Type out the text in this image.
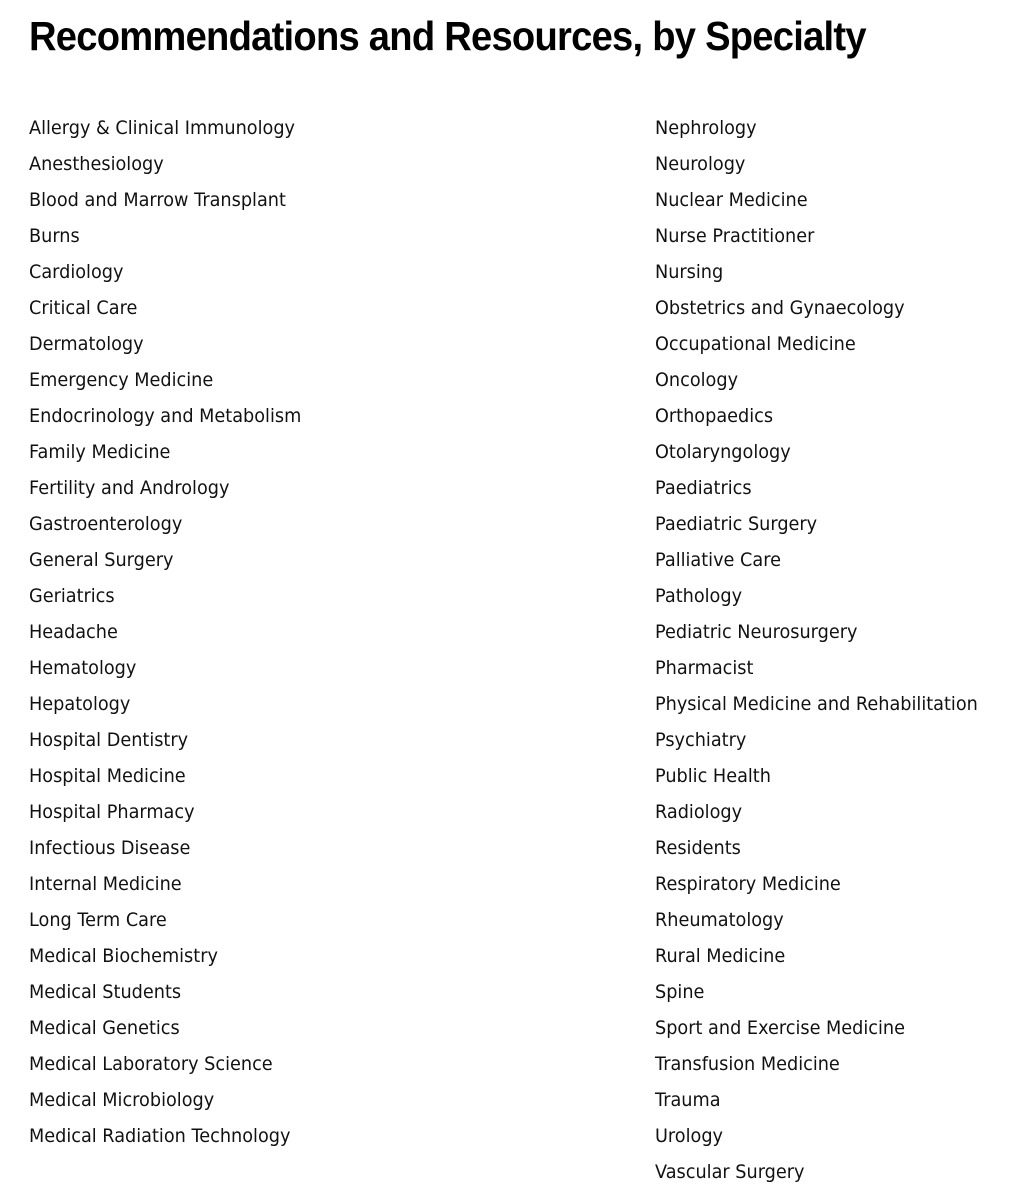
Recommendations and Resources, by Specialty
Allergy & Clinical Immunology
Anesthesiology
Blood and Marrow Transplant
Burns
Cardiology
Critical Care
Dermatology
Emergency Medicine
Endocrinology and Metabolism
Family Medicine
Fertility and Andrology
Gastroenterology
General Surgery
Geriatrics
Headache
Hematology
Hepatology
Hospital Dentistry
Hospital Medicine
Hospital Pharmacy
Infectious Disease
Internal Medicine
Long Term Care
Medical Biochemistry
Medical Students
Medical Genetics
Medical Laboratory Science
Medical Microbiology
Medical Radiation Technology
Nephrology
Neurology
Nuclear Medicine
Nurse Practitioner
Nursing
Obstetrics and Gynaecology
Occupational Medicine
Oncology
Orthopaedics
Otolaryngology
Paediatrics
Paediatric Surgery
Palliative Care
Pathology
Pediatric Neurosurgery
Pharmacist
Physical Medicine and Rehabilitation
Psychiatry
Public Health
Radiology
Residents
Respiratory Medicine
Rheumatology
Rural Medicine
Spine
Sport and Exercise Medicine
Transfusion Medicine
Trauma
Urology
Vascular Surgery
